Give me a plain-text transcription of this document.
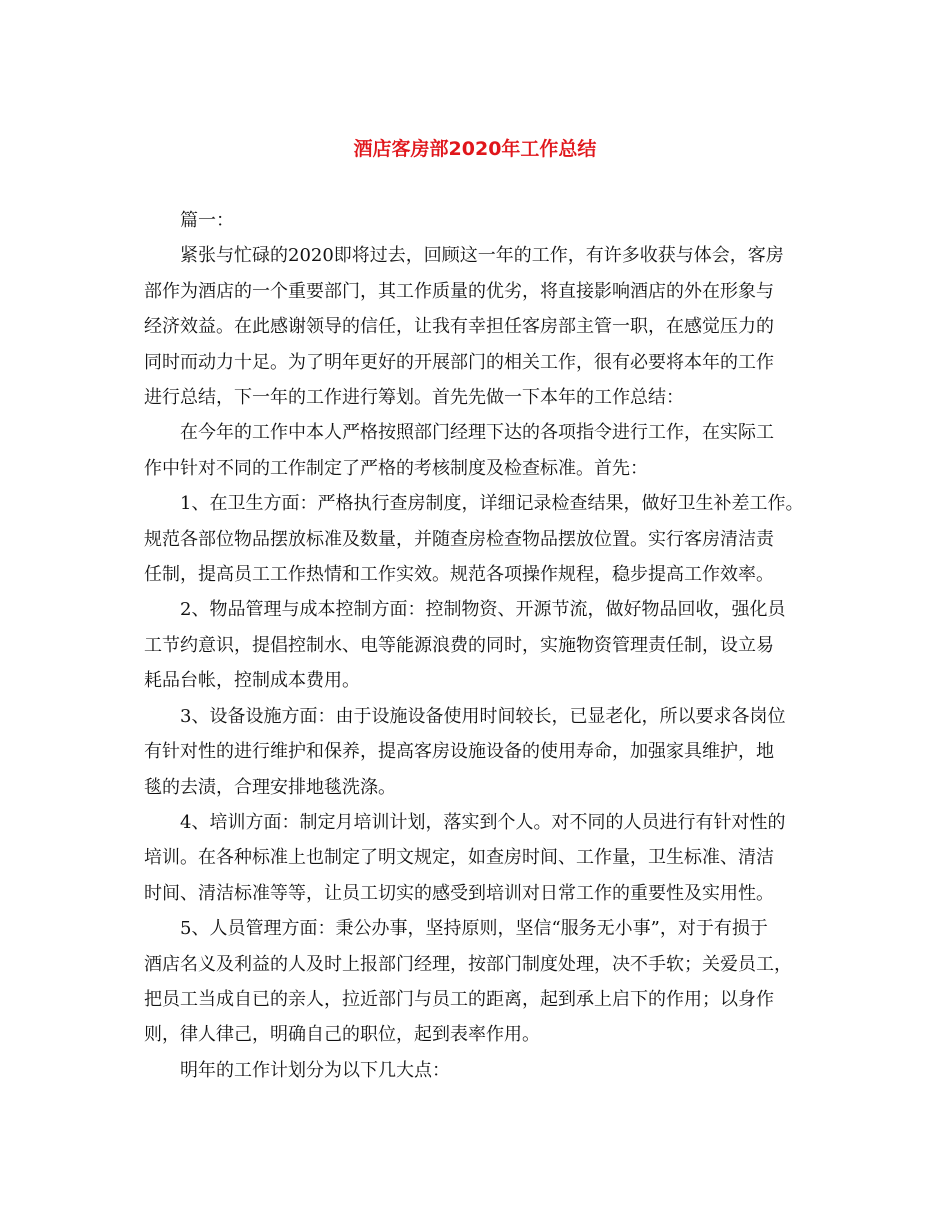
酒店客房部2020年工作总结

篇一：

紧张与忙碌的2020即将过去，回顾这一年的工作，有许多收获与体会，客房

部作为酒店的一个重要部门，其工作质量的优劣，将直接影响酒店的外在形象与

经济效益。在此感谢领导的信任，让我有幸担任客房部主管一职，在感觉压力的

同时而动力十足。为了明年更好的开展部门的相关工作，很有必要将本年的工作

进行总结，下一年的工作进行筹划。首先先做一下本年的工作总结：

在今年的工作中本人严格按照部门经理下达的各项指令进行工作，在实际工

作中针对不同的工作制定了严格的考核制度及检查标准。首先：

1、在卫生方面：严格执行查房制度，详细记录检查结果，做好卫生补差工作。

规范各部位物品摆放标准及数量，并随查房检查物品摆放位置。实行客房清洁责

任制，提高员工工作热情和工作实效。规范各项操作规程，稳步提高工作效率。

2、物品管理与成本控制方面：控制物资、开源节流，做好物品回收，强化员

工节约意识，提倡控制水、电等能源浪费的同时，实施物资管理责任制，设立易

耗品台帐，控制成本费用。

3、设备设施方面：由于设施设备使用时间较长，已显老化，所以要求各岗位

有针对性的进行维护和保养，提高客房设施设备的使用寿命，加强家具维护，地

毯的去渍，合理安排地毯洗涤。

4、培训方面：制定月培训计划，落实到个人。对不同的人员进行有针对性的

培训。在各种标准上也制定了明文规定，如查房时间、工作量，卫生标准、清洁

时间、清洁标准等等，让员工切实的感受到培训对日常工作的重要性及实用性。

5、人员管理方面：秉公办事，坚持原则，坚信“服务无小事”，对于有损于

酒店名义及利益的人及时上报部门经理，按部门制度处理，决不手软；关爱员工，

把员工当成自已的亲人，拉近部门与员工的距离，起到承上启下的作用；以身作

则，律人律己，明确自己的职位，起到表率作用。

明年的工作计划分为以下几大点：
